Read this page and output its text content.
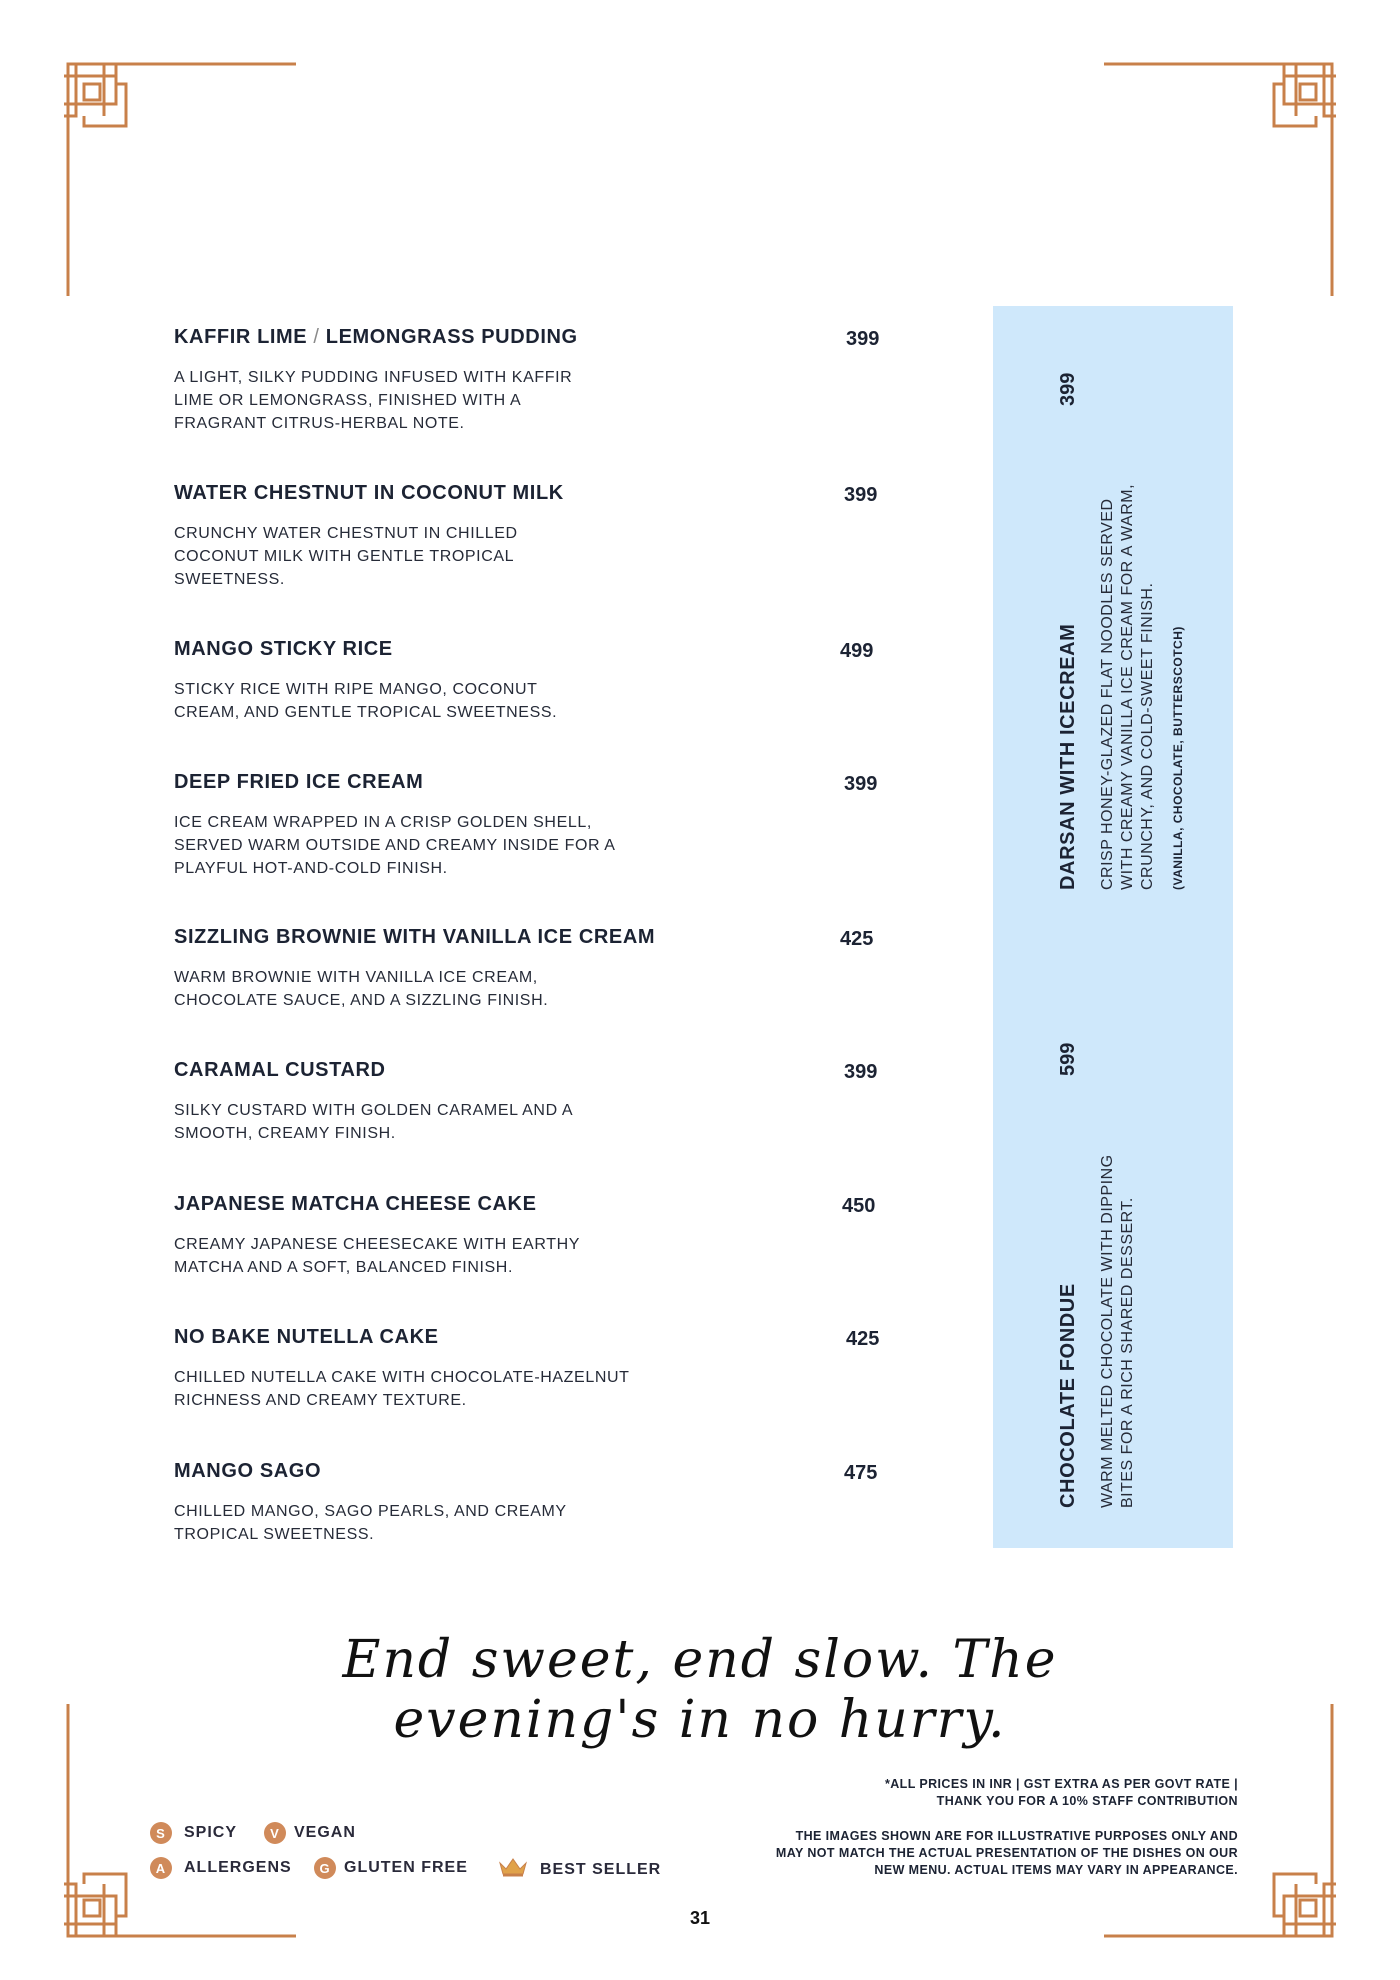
KAFFIR LIME / LEMONGRASS PUDDING	399
A LIGHT, SILKY PUDDING INFUSED WITH KAFFIR LIME OR LEMONGRASS, FINISHED WITH A FRAGRANT CITRUS-HERBAL NOTE.
WATER CHESTNUT IN COCONUT MILK	399
CRUNCHY WATER CHESTNUT IN CHILLED COCONUT MILK WITH GENTLE TROPICAL SWEETNESS.
MANGO STICKY RICE	499
STICKY RICE WITH RIPE MANGO, COCONUT CREAM, AND GENTLE TROPICAL SWEETNESS.
DEEP FRIED ICE CREAM	399
ICE CREAM WRAPPED IN A CRISP GOLDEN SHELL, SERVED WARM OUTSIDE AND CREAMY INSIDE FOR A PLAYFUL HOT-AND-COLD FINISH.
SIZZLING BROWNIE WITH VANILLA ICE CREAM	425
WARM BROWNIE WITH VANILLA ICE CREAM, CHOCOLATE SAUCE, AND A SIZZLING FINISH.
CARAMAL CUSTARD	399
SILKY CUSTARD WITH GOLDEN CARAMEL AND A SMOOTH, CREAMY FINISH.
JAPANESE MATCHA CHEESE CAKE	450
CREAMY JAPANESE CHEESECAKE WITH EARTHY MATCHA AND A SOFT, BALANCED FINISH.
NO BAKE NUTELLA CAKE	425
CHILLED NUTELLA CAKE WITH CHOCOLATE-HAZELNUT RICHNESS AND CREAMY TEXTURE.
MANGO SAGO	475
CHILLED MANGO, SAGO PEARLS, AND CREAMY TROPICAL SWEETNESS.
399
DARSAN WITH ICECREAM CRISP HONEY-GLAZED FLAT NOODLES SERVED WITH CREAMY VANILLA ICE CREAM FOR A WARM, CRUNCHY, AND COLD-SWEET FINISH. (VANILLA, CHOCOLATE, BUTTERSCOTCH)
599
CHOCOLATE FONDUE WARM MELTED CHOCOLATE WITH DIPPING BITES FOR A RICH SHARED DESSERT.
End sweet, end slow. The evening's in no hurry.
S	SPICY	V VEGAN
A	ALLERGENS	G GLUTEN FREE	BEST SELLER

*ALL PRICES IN INR | GST EXTRA AS PER GOVT RATE |
THANK YOU FOR A 10% STAFF CONTRIBUTION

THE IMAGES SHOWN ARE FOR ILLUSTRATIVE PURPOSES ONLY AND
MAY NOT MATCH THE ACTUAL PRESENTATION OF THE DISHES ON OUR
NEW MENU. ACTUAL ITEMS MAY VARY IN APPEARANCE.

31
